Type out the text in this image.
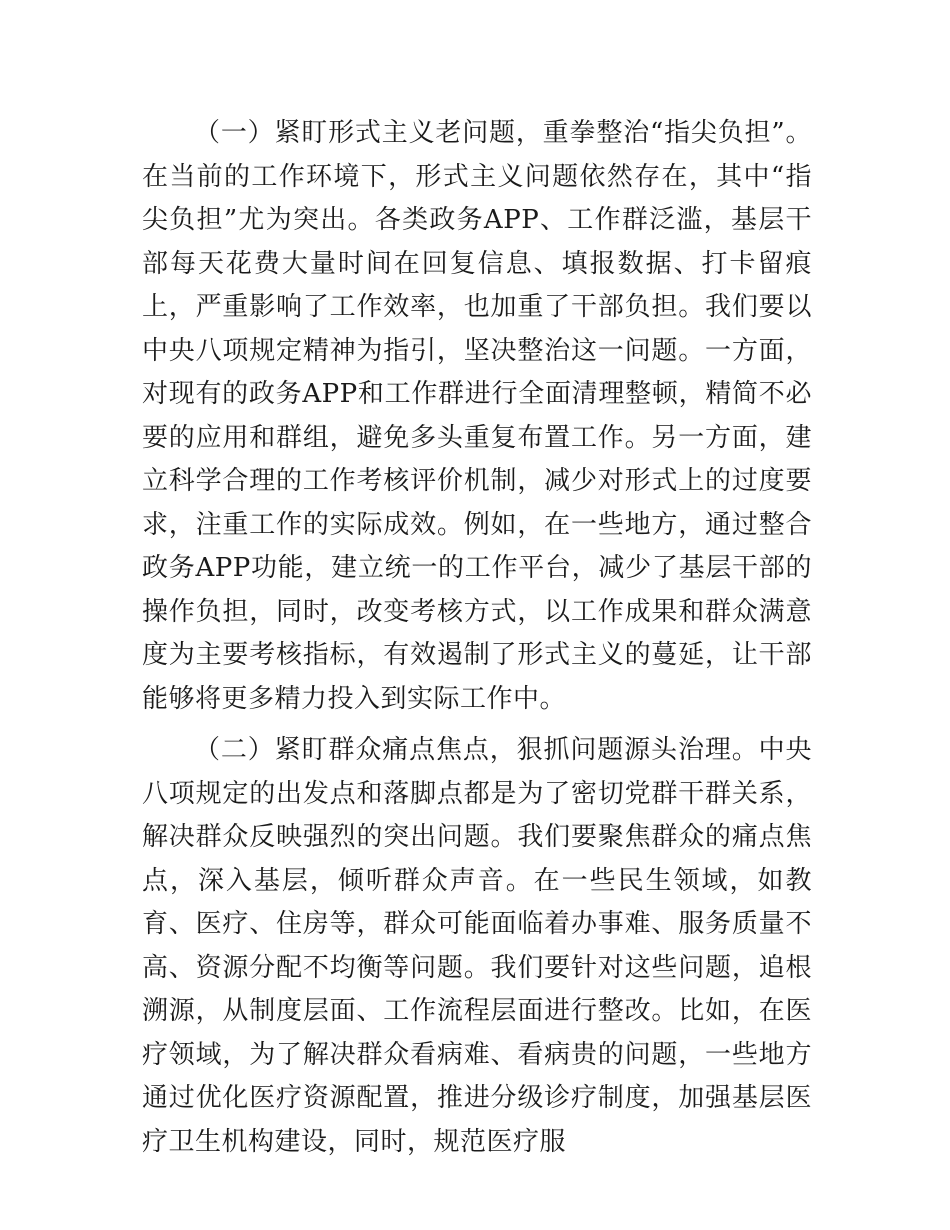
（一）紧盯形式主义老问题，重拳整治“指尖负担”。在当前的工作环境下，形式主义问题依然存在，其中“指尖负担”尤为突出。各类政务APP、工作群泛滥，基层干部每天花费大量时间在回复信息、填报数据、打卡留痕上，严重影响了工作效率，也加重了干部负担。我们要以中央八项规定精神为指引，坚决整治这一问题。一方面，对现有的政务APP和工作群进行全面清理整顿，精简不必要的应用和群组，避免多头重复布置工作。另一方面，建立科学合理的工作考核评价机制，减少对形式上的过度要求，注重工作的实际成效。例如，在一些地方，通过整合政务APP功能，建立统一的工作平台，减少了基层干部的操作负担，同时，改变考核方式，以工作成果和群众满意度为主要考核指标，有效遏制了形式主义的蔓延，让干部能够将更多精力投入到实际工作中。

（二）紧盯群众痛点焦点，狠抓问题源头治理。中央八项规定的出发点和落脚点都是为了密切党群干群关系，解决群众反映强烈的突出问题。我们要聚焦群众的痛点焦点，深入基层，倾听群众声音。在一些民生领域，如教育、医疗、住房等，群众可能面临着办事难、服务质量不高、资源分配不均衡等问题。我们要针对这些问题，追根溯源，从制度层面、工作流程层面进行整改。比如，在医疗领域，为了解决群众看病难、看病贵的问题，一些地方通过优化医疗资源配置，推进分级诊疗制度，加强基层医疗卫生机构建设，同时，规范医疗服
